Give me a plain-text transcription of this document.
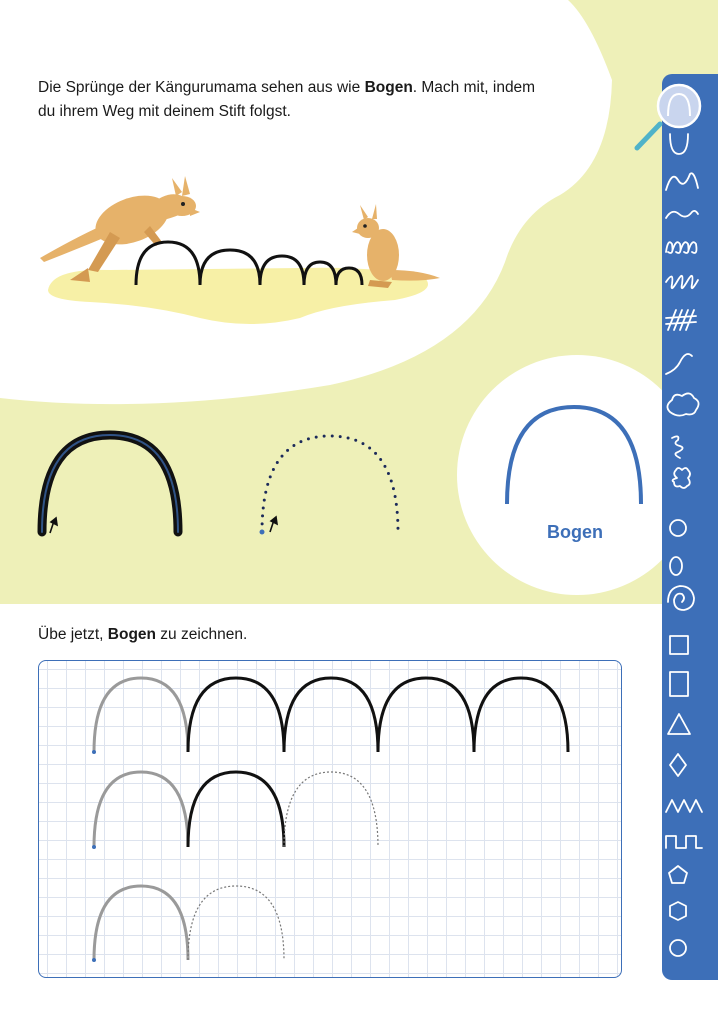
Die Sprünge der Kängurumama sehen aus wie Bogen. Mach mit, indem du ihrem Weg mit deinem Stift folgst.
Bogen
Übe jetzt, Bogen zu zeichnen.
